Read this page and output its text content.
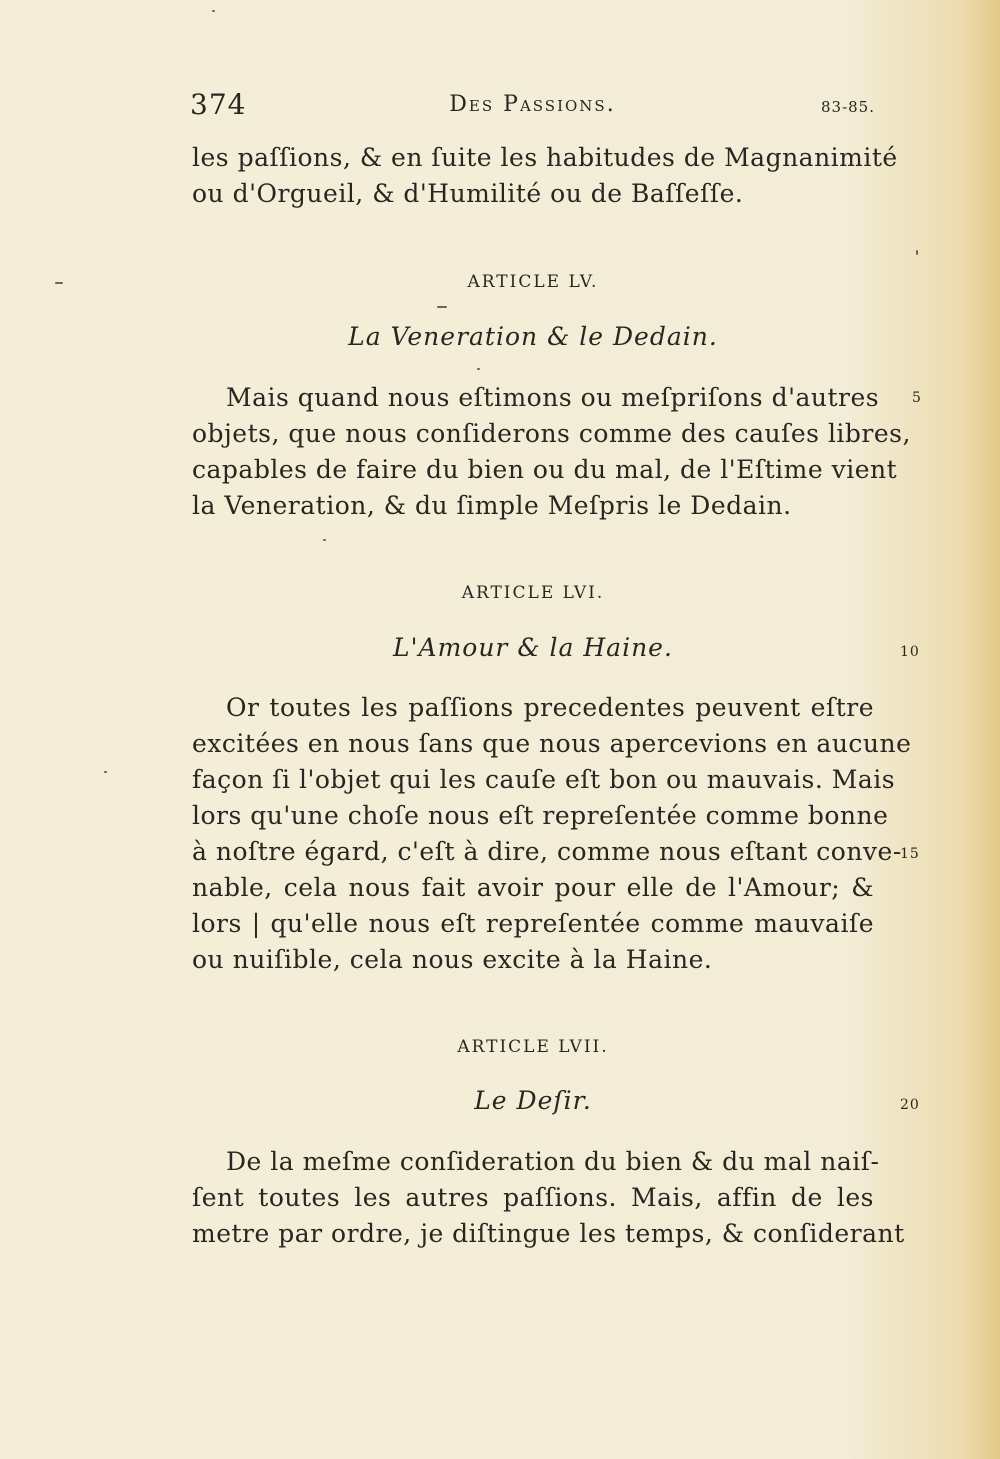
374	Des Passions.	83-85.
les paſſions, & en ſuite les habitudes de Magnanimité
ou d'Orgueil, & d'Humilité ou de Baſſeſſe.
ARTICLE LV.
La Veneration & le Dedain.
Mais quand nous eſtimons ou meſpriſons d'autres 5
objets, que nous conſiderons comme des cauſes libres,
capables de faire du bien ou du mal, de l'Eſtime vient
la Veneration, & du ſimple Meſpris le Dedain.
ARTICLE LVI.
L'Amour & la Haine.	10
Or toutes les paſſions precedentes peuvent eſtre
excitées en nous ſans que nous apercevions en aucune
façon ſi l'objet qui les cauſe eſt bon ou mauvais. Mais
lors qu'une choſe nous eſt repreſentée comme bonne
à noſtre égard, c'eſt à dire, comme nous eſtant conve-
15
nable, cela nous fait avoir pour elle de l'Amour; &
lors | qu'elle nous eſt repreſentée comme mauvaiſe
ou nuiſible, cela nous excite à la Haine.
ARTICLE LVII.
Le Deſir.	20
De la meſme conſideration du bien & du mal naiſ-
ſent toutes les autres paſſions. Mais, affin de les
metre par ordre, je diſtingue les temps, & conſiderant
